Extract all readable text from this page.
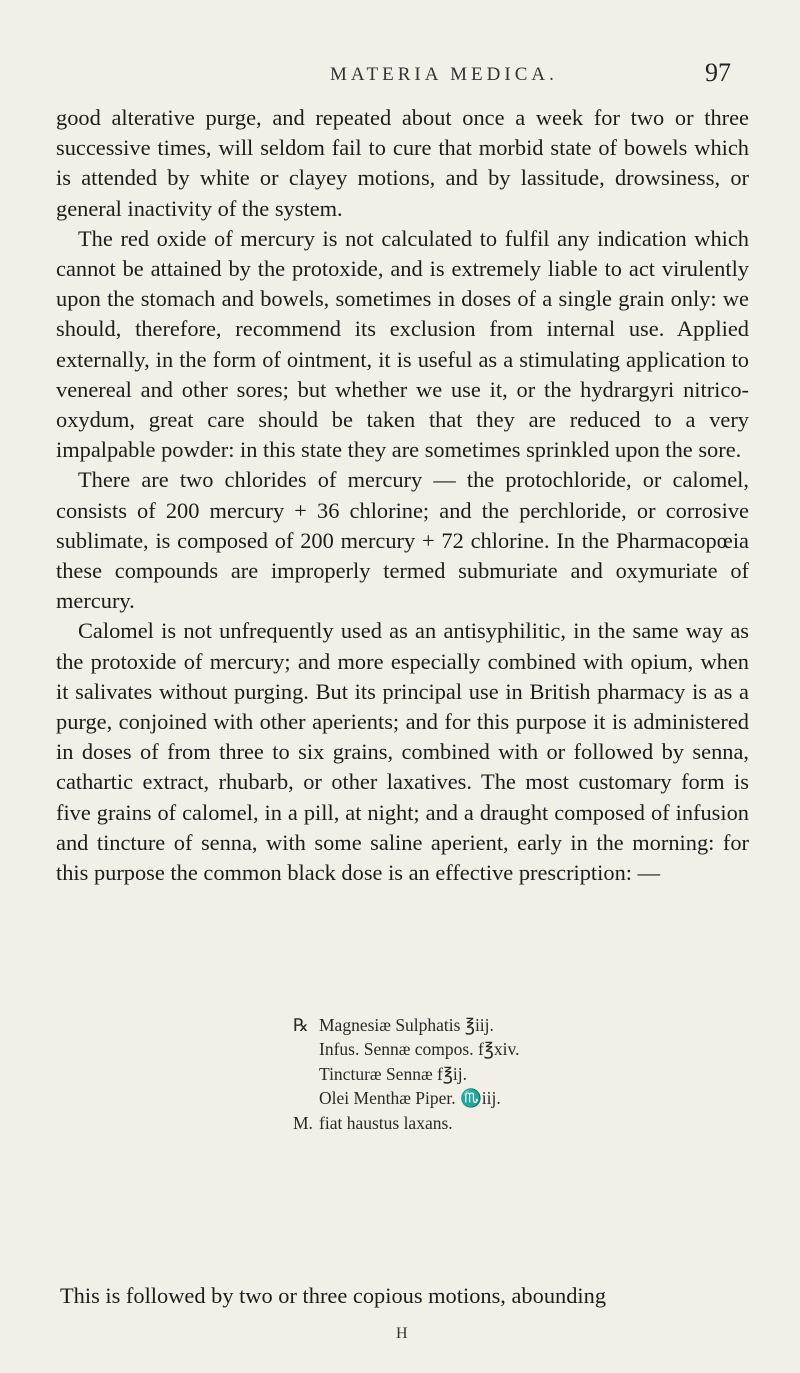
MATERIA MEDICA.	97

good alterative purge, and repeated about once a week for two or three successive times, will seldom fail to cure that morbid state of bowels which is attended by white or clayey motions, and by lassitude, drowsiness, or general inactivity of the system.

The red oxide of mercury is not calculated to fulfil any indication which cannot be attained by the protoxide, and is extremely liable to act virulently upon the stomach and bowels, sometimes in doses of a single grain only: we should, therefore, recommend its exclusion from internal use. Applied externally, in the form of ointment, it is useful as a stimulating application to venereal and other sores; but whether we use it, or the hydrargyri nitrico-oxydum, great care should be taken that they are reduced to a very impalpable powder: in this state they are sometimes sprinkled upon the sore.

There are two chlorides of mercury — the protochloride, or calomel, consists of 200 mercury + 36 chlorine; and the perchloride, or corrosive sublimate, is composed of 200 mercury + 72 chlorine. In the Pharmacopœia these compounds are improperly termed submuriate and oxymuriate of mercury.

Calomel is not unfrequently used as an antisyphilitic, in the same way as the protoxide of mercury; and more especially combined with opium, when it salivates without purging. But its principal use in British pharmacy is as a purge, conjoined with other aperients; and for this purpose it is administered in doses of from three to six grains, combined with or followed by senna, cathartic extract, rhubarb, or other laxatives. The most customary form is five grains of calomel, in a pill, at night; and a draught composed of infusion and tincture of senna, with some saline aperient, early in the morning: for this purpose the common black dose is an effective prescription: —

℞ Magnesiæ Sulphatis ℥iij.
Infus. Sennæ compos. f℥xiv.
Tincturæ Sennæ f℥ij.
Olei Menthæ Piper. ♏iij.
M. fiat haustus laxans.
This is followed by two or three copious motions, abounding
H
